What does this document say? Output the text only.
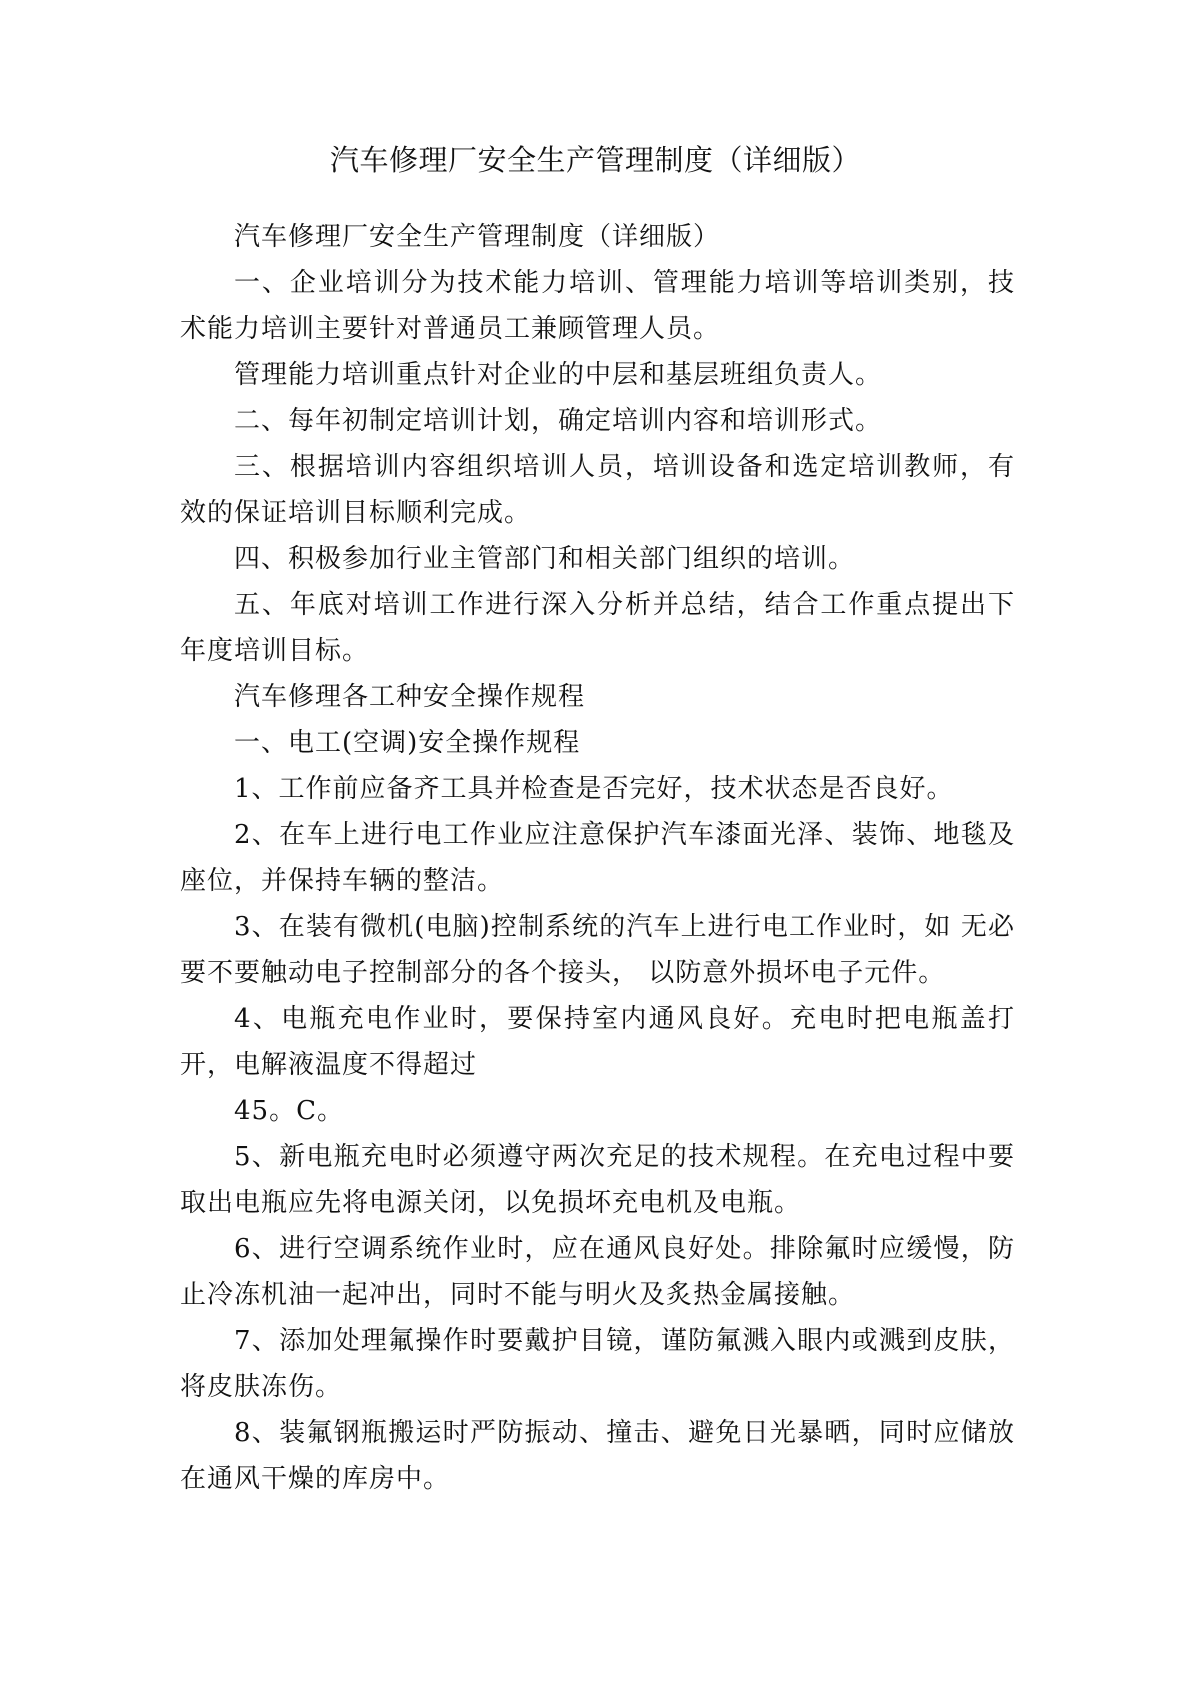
汽车修理厂安全生产管理制度（详细版）

汽车修理厂安全生产管理制度（详细版）

一、企业培训分为技术能力培训、管理能力培训等培训类别，技术能力培训主要针对普通员工兼顾管理人员。

管理能力培训重点针对企业的中层和基层班组负责人。

二、每年初制定培训计划，确定培训内容和培训形式。

三、根据培训内容组织培训人员，培训设备和选定培训教师，有效的保证培训目标顺利完成。

四、积极参加行业主管部门和相关部门组织的培训。

五、年底对培训工作进行深入分析并总结，结合工作重点提出下年度培训目标。

汽车修理各工种安全操作规程

一、电工(空调)安全操作规程

1、工作前应备齐工具并检查是否完好，技术状态是否良好。

2、在车上进行电工作业应注意保护汽车漆面光泽、装饰、地毯及座位，并保持车辆的整洁。

3、在装有微机(电脑)控制系统的汽车上进行电工作业时，如 无必要不要触动电子控制部分的各个接头， 以防意外损坏电子元件。

4、电瓶充电作业时，要保持室内通风良好。充电时把电瓶盖打开，电解液温度不得超过

45。C。

5、新电瓶充电时必须遵守两次充足的技术规程。在充电过程中要取出电瓶应先将电源关闭，以免损坏充电机及电瓶。

6、进行空调系统作业时，应在通风良好处。排除氟时应缓慢，防止冷冻机油一起冲出，同时不能与明火及炙热金属接触。

7、添加处理氟操作时要戴护目镜，谨防氟溅入眼内或溅到皮肤，将皮肤冻伤。

8、装氟钢瓶搬运时严防振动、撞击、避免日光暴晒，同时应储放在通风干燥的库房中。
